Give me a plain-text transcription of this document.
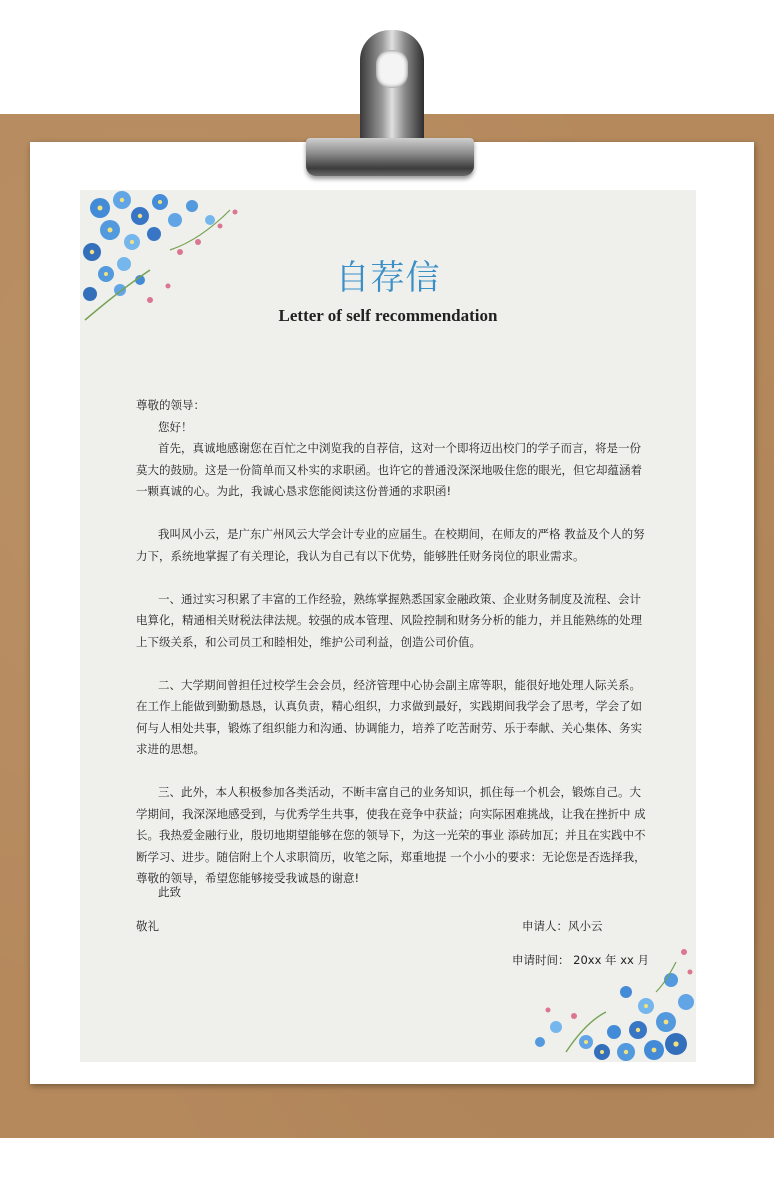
自荐信
Letter of self recommendation

尊敬的领导：

您好！

首先，真诚地感谢您在百忙之中浏览我的自荐信，这对一个即将迈出校门的学子而言，将是一份莫大的鼓励。这是一份简单而又朴实的求职函。也许它的普通没深深地吸住您的眼光，但它却蕴涵着一颗真诚的心。为此，我诚心恳求您能阅读这份普通的求职函!

我叫风小云，是广东广州风云大学会计专业的应届生。在校期间，在师友的严格 教益及个人的努力下，系统地掌握了有关理论，我认为自己有以下优势，能够胜任财务岗位的职业需求。

一、通过实习积累了丰富的工作经验，熟练掌握熟悉国家金融政策、企业财务制度及流程、会计电算化，精通相关财税法律法规。较强的成本管理、风险控制和财务分析的能力，并且能熟练的处理上下级关系，和公司员工和睦相处，维护公司利益，创造公司价值。

二、大学期间曾担任过校学生会会员，经济管理中心协会副主席等职，能很好地处理人际关系。在工作上能做到勤勤恳恳，认真负责，精心组织，力求做到最好，实践期间我学会了思考，学会了如何与人相处共事，锻炼了组织能力和沟通、协调能力，培养了吃苦耐劳、乐于奉献、关心集体、务实求进的思想。

三、此外，本人积极参加各类活动，不断丰富自己的业务知识，抓住每一个机会，锻炼自己。大学期间，我深深地感受到，与优秀学生共事，使我在竞争中获益；向实际困难挑战，让我在挫折中 成长。我热爱金融行业，殷切地期望能够在您的领导下，为这一光荣的事业 添砖加瓦；并且在实践中不断学习、进步。随信附上个人求职简历，收笔之际，郑重地提 一个小小的要求：无论您是否选择我，尊敬的领导，希望您能够接受我诚恳的谢意!

此致
敬礼	申请人：风小云
申请时间： 20xx 年 xx 月
